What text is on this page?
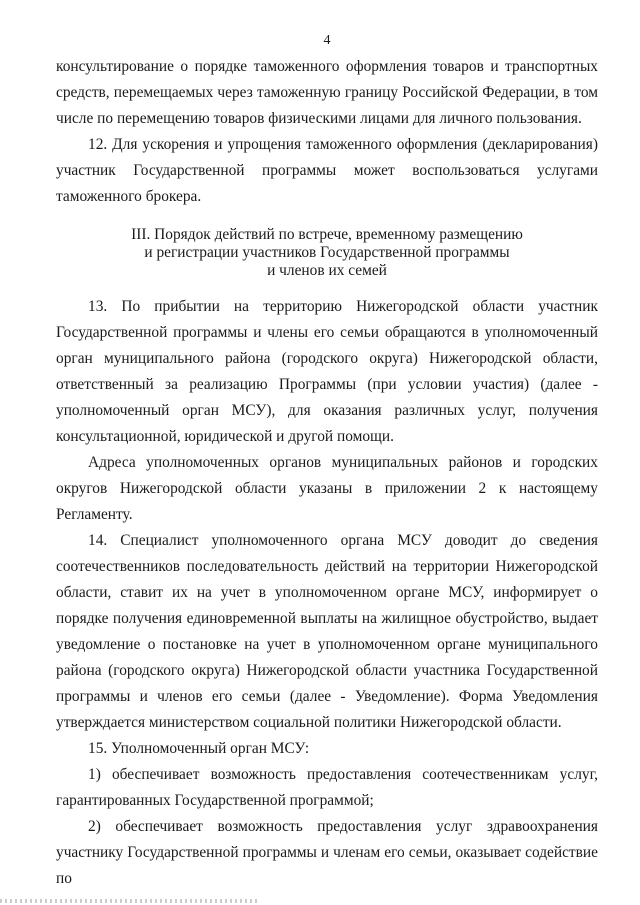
4

консультирование о порядке таможенного оформления товаров и транспортных средств, перемещаемых через таможенную границу Российской Федерации, в том числе по перемещению товаров физическими лицами для личного пользования.

12. Для ускорения и упрощения таможенного оформления (декларирования) участник Государственной программы может воспользоваться услугами таможенного брокера.

III. Порядок действий по встрече, временному размещению
и регистрации участников Государственной программы
и членов их семей

13. По прибытии на территорию Нижегородской области участник Государственной программы и члены его семьи обращаются в уполномоченный орган муниципального района (городского округа) Нижегородской области, ответственный за реализацию Программы (при условии участия) (далее - уполномоченный орган МСУ), для оказания различных услуг, получения консультационной, юридической и другой помощи.

Адреса уполномоченных органов муниципальных районов и городских округов Нижегородской области указаны в приложении 2 к настоящему Регламенту.

14. Специалист уполномоченного органа МСУ доводит до сведения соотечественников последовательность действий на территории Нижегородской области, ставит их на учет в уполномоченном органе МСУ, информирует о порядке получения единовременной выплаты на жилищное обустройство, выдает уведомление о постановке на учет в уполномоченном органе муниципального района (городского округа) Нижегородской области участника Государственной программы и членов его семьи (далее - Уведомление). Форма Уведомления утверждается министерством социальной политики Нижегородской области.

15. Уполномоченный орган МСУ:

1) обеспечивает возможность предоставления соотечественникам услуг, гарантированных Государственной программой;

2) обеспечивает возможность предоставления услуг здравоохранения участнику Государственной программы и членам его семьи, оказывает содействие по
